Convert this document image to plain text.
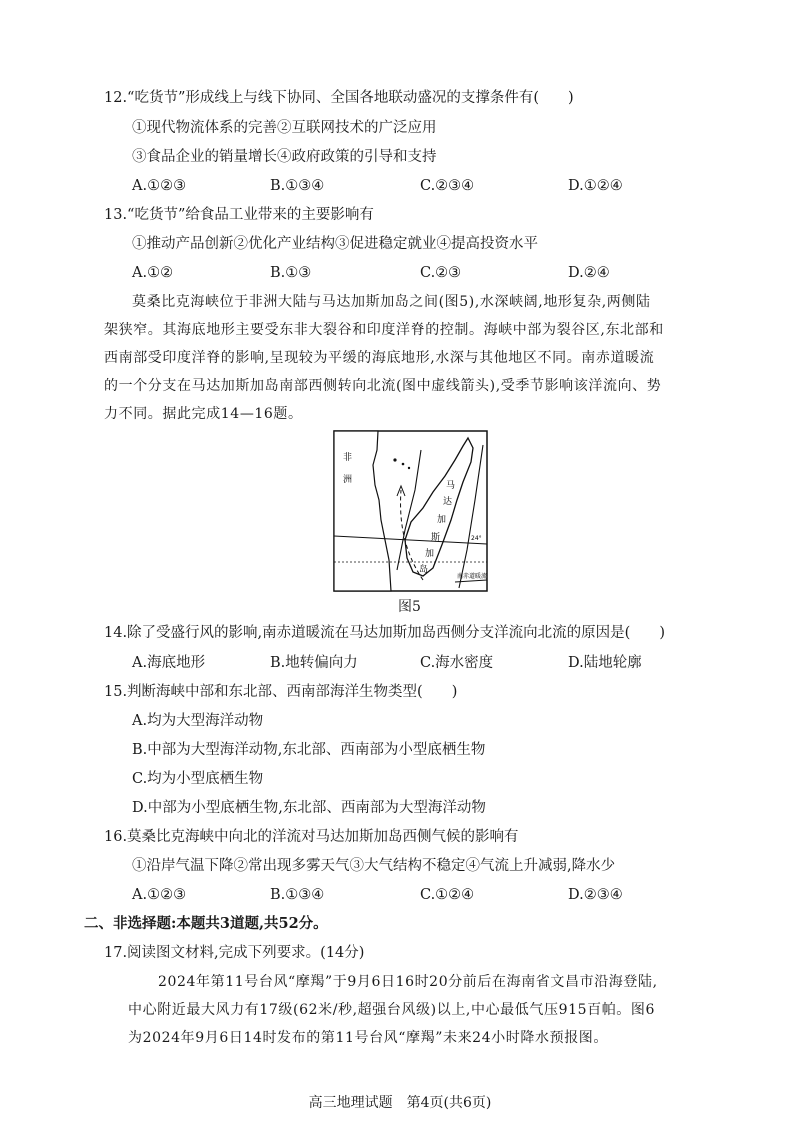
12.“吃货节”形成线上与线下协同、全国各地联动盛况的支撑条件有(　　)
①现代物流体系的完善②互联网技术的广泛应用
③食品企业的销量增长④政府政策的引导和支持
A.①②③	B.①③④	C.②③④	D.①②④
13.“吃货节”给食品工业带来的主要影响有
①推动产品创新②优化产业结构③促进稳定就业④提高投资水平
A.①②	B.①③	C.②③	D.②④
莫桑比克海峡位于非洲大陆与马达加斯加岛之间(图5),水深峡阔,地形复杂,两侧陆
架狭窄。其海底地形主要受东非大裂谷和印度洋脊的控制。海峡中部为裂谷区,东北部和
西南部受印度洋脊的影响,呈现较为平缓的海底地形,水深与其他地区不同。南赤道暖流
的一个分支在马达加斯加岛南部西侧转向北流(图中虚线箭头),受季节影响该洋流向、势
力不同。据此完成14—16题。
非
洲
马
达
加
斯
加
岛
24°
南赤道暖流
图5
14.除了受盛行风的影响,南赤道暖流在马达加斯加岛西侧分支洋流向北流的原因是(　　)
A.海底地形	B.地转偏向力	C.海水密度	D.陆地轮廓
15.判断海峡中部和东北部、西南部海洋生物类型(　　)
A.均为大型海洋动物
B.中部为大型海洋动物,东北部、西南部为小型底栖生物
C.均为小型底栖生物
D.中部为小型底栖生物,东北部、西南部为大型海洋动物
16.莫桑比克海峡中向北的洋流对马达加斯加岛西侧气候的影响有
①沿岸气温下降②常出现多雾天气③大气结构不稳定④气流上升减弱,降水少
A.①②③	B.①③④	C.①②④	D.②③④
二、非选择题:本题共3道题,共52分。
17.阅读图文材料,完成下列要求。(14分)
2024年第11号台风“摩羯”于9月6日16时20分前后在海南省文昌市沿海登陆,
中心附近最大风力有17级(62米/秒,超强台风级)以上,中心最低气压915百帕。图6
为2024年9月6日14时发布的第11号台风“摩羯”未来24小时降水预报图。
高三地理试题　第4页(共6页)
